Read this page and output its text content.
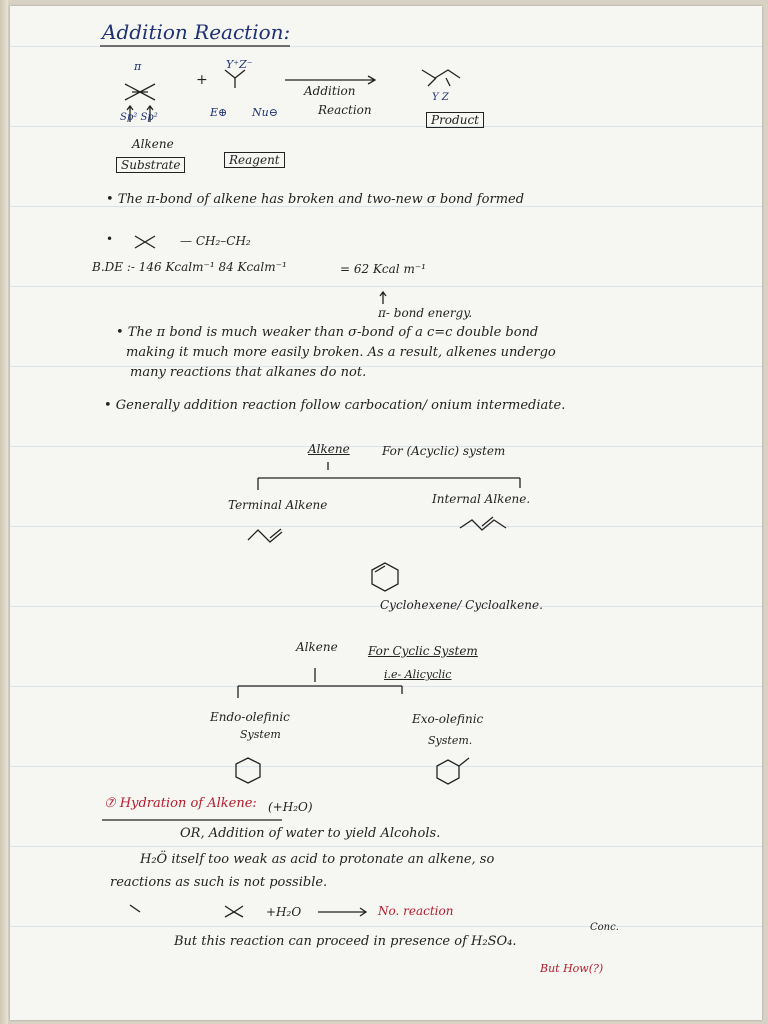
Addition Reaction:
π
+
Y⁺Z⁻
Sp² Sp²	E⊕ Nu⊖
Addition
Reaction
Y Z
Product
Alkene
Substrate	Reagent
• The π-bond of alkene has broken and two-new σ bond formed
•	— CH₂–CH₂
B.DE :- 146 Kcalm⁻¹ 84 Kcalm⁻¹	= 62 Kcal m⁻¹
π- bond energy.
• The π bond is much weaker than σ-bond of a c=c double bond
making it much more easily broken. As a result, alkenes undergo
many reactions that alkanes do not.
• Generally addition reaction follow carbocation/ onium intermediate.
Alkene	For (Acyclic) system
Terminal Alkene	Internal Alkene.
Cyclohexene/ Cycloalkene.
Alkene	For Cyclic System
i.e- Alicyclic
Endo-olefinic
System
Exo-olefinic
System.
⑦ Hydration of Alkene: (+H₂O)
OR, Addition of water to yield Alcohols.
H₂Ö itself too weak as acid to protonate an alkene, so
reactions as such is not possible.
+H₂O	No. reaction
Conc.
But this reaction can proceed in presence of H₂SO₄.
But How(?)
